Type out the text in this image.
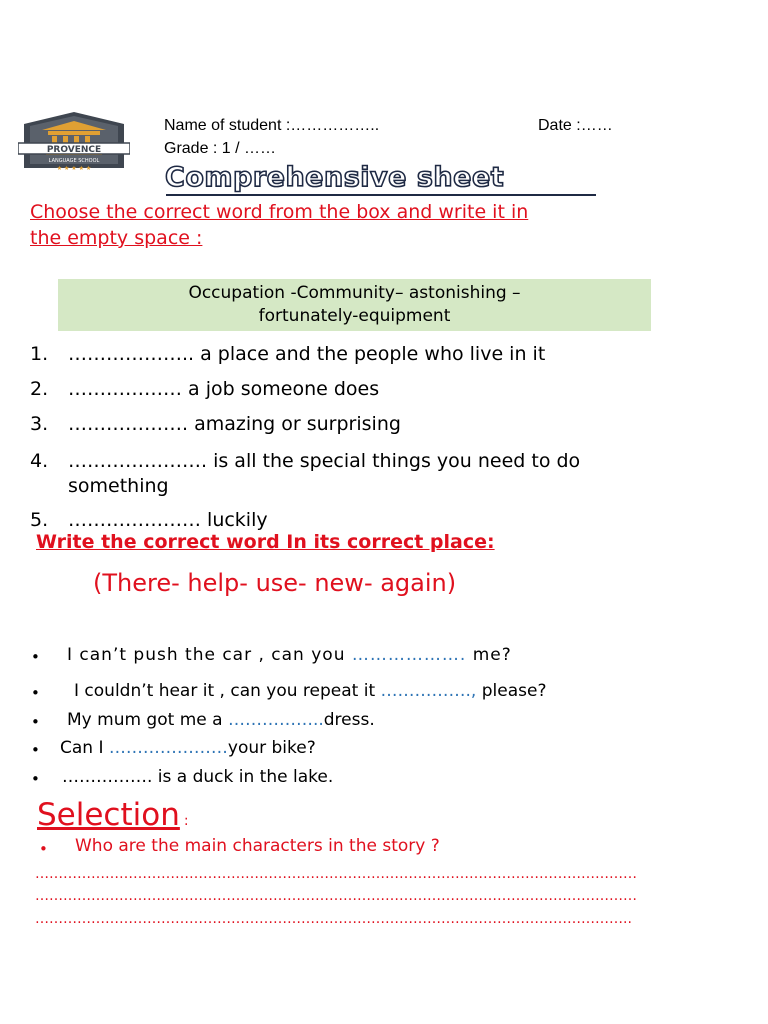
PROVENCE
LANGUAGE SCHOOL
★ ★ ★ ★ ★
Name of student :……………..	Date :……
Grade : 1 / ……
Comprehensive sheet
Choose the correct word from the box and write it in
the empty space :
Occupation -Community– astonishing –
fortunately-equipment
1. ……………….. a place and the people who live in it
2. ……………… a job someone does
3. ………………. amazing or surprising
4. …………………. is all the special things you need to do
something
5. ………………… luckily
Write the correct word In its correct place:
(There- help- use- new- again)
• I can’t push the car , can you ………………. me?
• I couldn’t hear it , can you repeat it ……………., please?
• My mum got me a ……………..dress.
• Can I …………………your bike?
• ……………. is a duck in the lake.
Selection :
• Who are the main characters in the story ?
…………………………………………………………………………………………………………………
…………………………………………………………………………………………………………………
………………………………………………………………………………………………………………..
